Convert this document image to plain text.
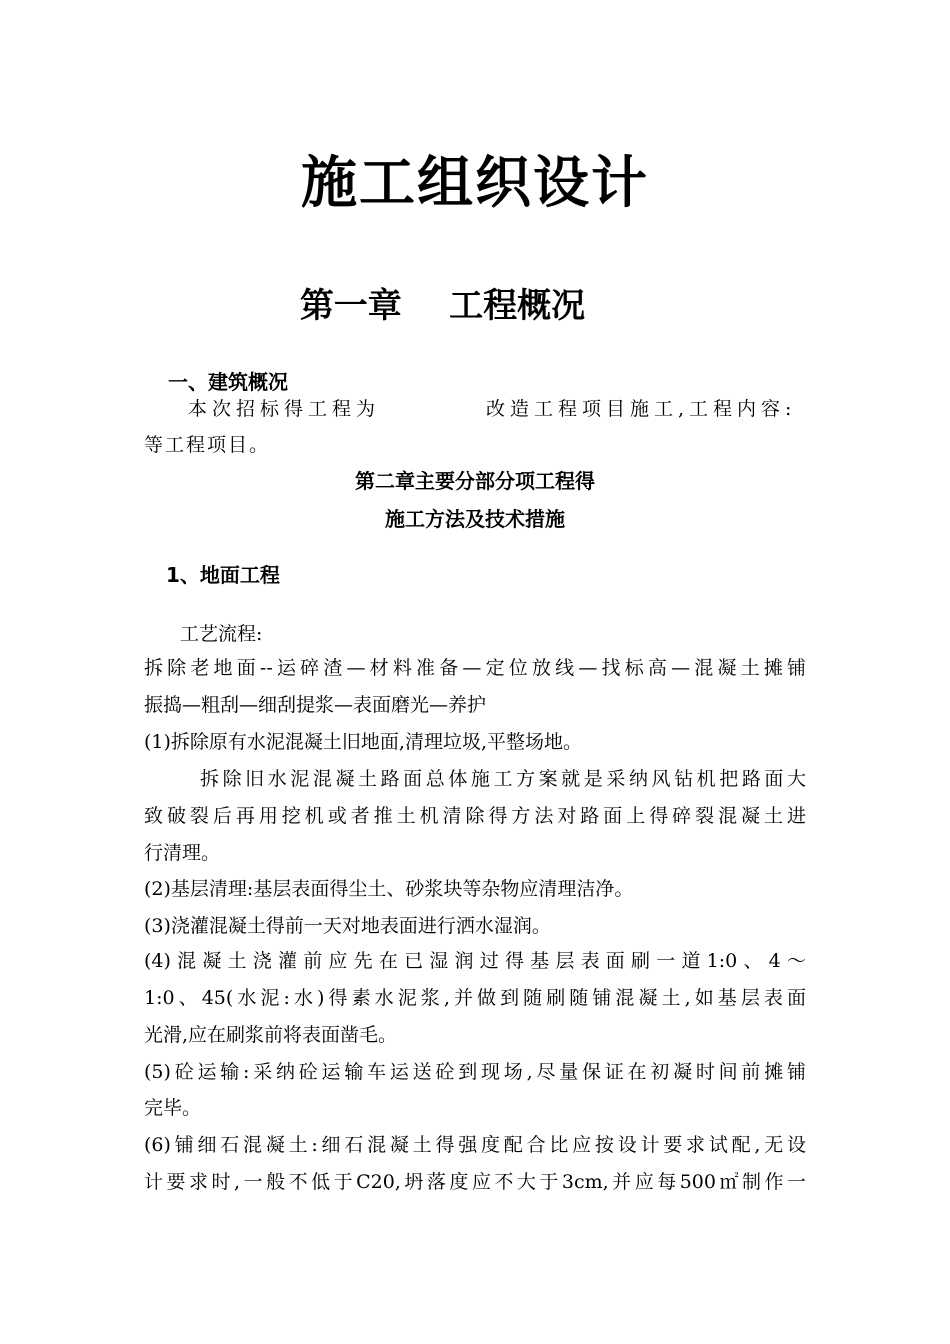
施工组织设计
第一章    工程概况
一、建筑概况
本次招标得工程为	改造工程项目施工,工程内容:
等工程项目。
第二章主要分部分项工程得
施工方法及技术措施
1、地面工程
工艺流程:
拆除老地面--运碎渣—材料准备—定位放线—找标高—混凝土摊铺
振捣—粗刮—细刮提浆—表面磨光—养护
(1)拆除原有水泥混凝土旧地面,清理垃圾,平整场地。
拆除旧水泥混凝土路面总体施工方案就是采纳风钻机把路面大
致破裂后再用挖机或者推土机清除得方法对路面上得碎裂混凝土进
行清理。
(2)基层清理:基层表面得尘土、砂浆块等杂物应清理洁净。
(3)浇灌混凝土得前一天对地表面进行洒水湿润。
(4)混凝土浇灌前应先在已湿润过得基层表面刷一道1:0、4～
1:0、45(水泥:水)得素水泥浆,并做到随刷随铺混凝土,如基层表面
光滑,应在刷浆前将表面凿毛。
(5)砼运输:采纳砼运输车运送砼到现场,尽量保证在初凝时间前摊铺
完毕。
(6)铺细石混凝土:细石混凝土得强度配合比应按设计要求试配,无设
计要求时,一般不低于C20,坍落度应不大于3cm,并应每500㎡制作一
